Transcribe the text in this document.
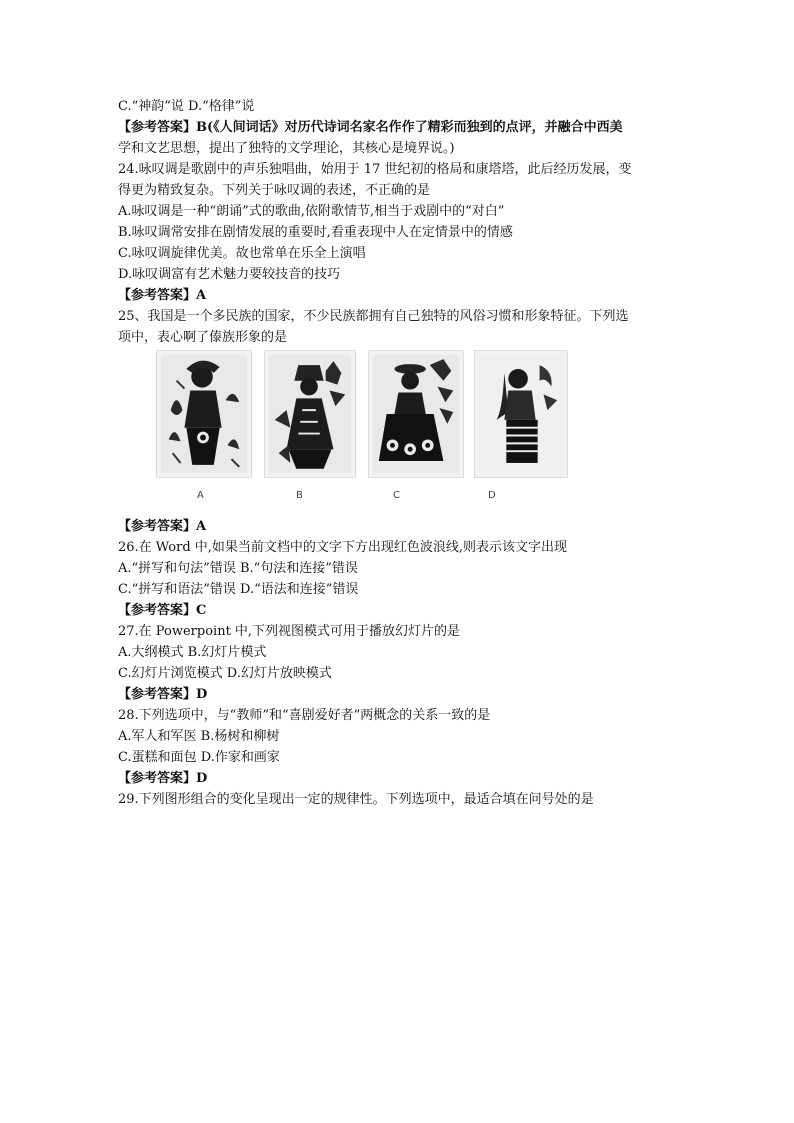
C.“神韵”说 D.“格律”说

【参考答案】B(《人间词话》对历代诗词名家名作作了精彩而独到的点评，并融合中西美

学和文艺思想，提出了独特的文学理论，其核心是境界说。)

24.咏叹调是歌剧中的声乐独唱曲，始用于 17 世纪初的格局和康塔塔，此后经历发展，变

得更为精致复杂。下列关于咏叹调的表述，不正确的是

A.咏叹调是一种“朗诵”式的歌曲,依附歌情节,相当于戏剧中的“对白”

B.咏叹调常安排在剧情发展的重要时,看重表现中人在定情景中的情感

C.咏叹调旋律优美。故也常单在乐全上演唱

D.咏叹调富有艺术魅力要较技音的技巧

【参考答案】A

25、我国是一个多民族的国家，不少民族都拥有自己独特的风俗习惯和形象特征。下列选

项中，表心啊了傣族形象的是

A	B	C	D

【参考答案】A

26.在 Word 中,如果当前文档中的文字下方出现红色波浪线,则表示该文字出现

A.“拼写和句法”错误 B.“句法和连接”错误

C.“拼写和语法”错误 D.“语法和连接”错误

【参考答案】C

27.在 Powerpoint 中,下列视图模式可用于播放幻灯片的是

A.大纲模式 B.幻灯片模式

C.幻灯片浏览模式 D.幻灯片放映模式

【参考答案】D

28.下列选项中，与“教师”和“喜剧爱好者”两概念的关系一致的是

A.军人和军医 B.杨树和柳树

C.蛋糕和面包 D.作家和画家

【参考答案】D

29.下列图形组合的变化呈现出一定的规律性。下列选项中，最适合填在问号处的是
